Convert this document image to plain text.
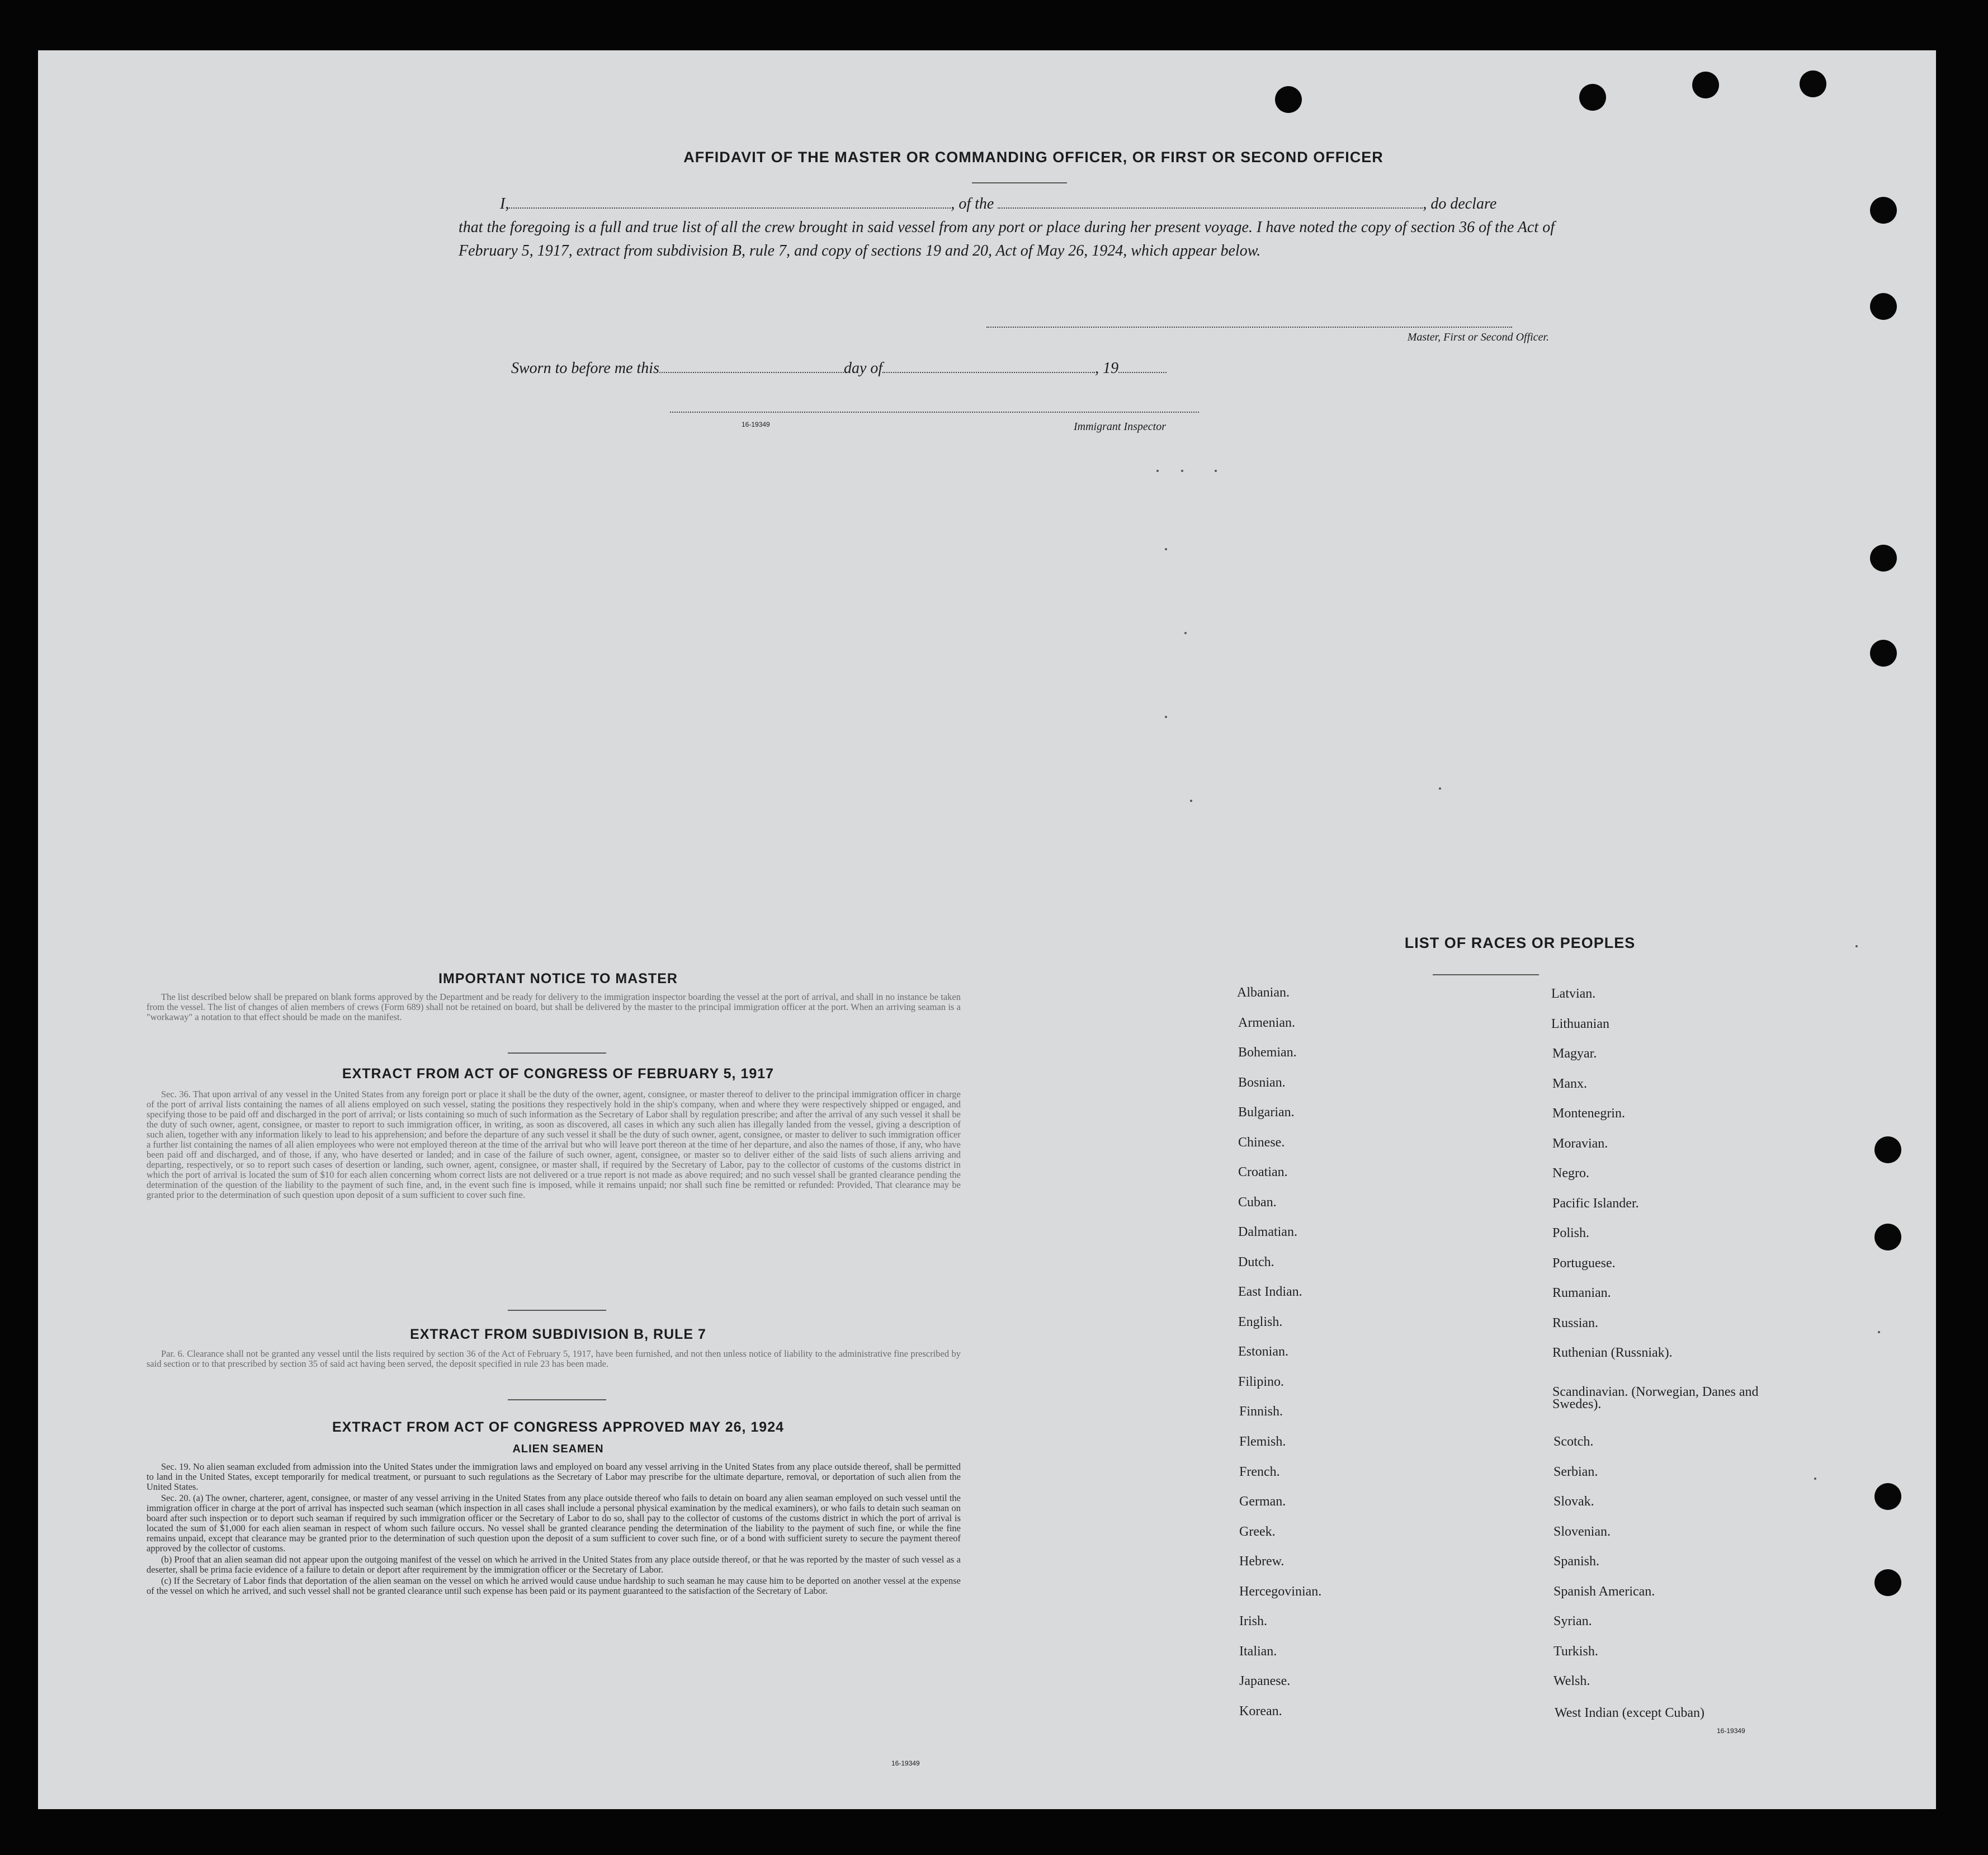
AFFIDAVIT OF THE MASTER OR COMMANDING OFFICER, OR FIRST OR SECOND OFFICER
I,	, of the	, do declare
that the foregoing is a full and true list of all the crew brought in said vessel from any port or place during her present voyage. I have noted the copy of section 36 of the Act of February 5, 1917, extract from subdivision B, rule 7, and copy of sections 19 and 20, Act of May 26, 1924, which appear below.
Master, First or Second Officer.
Sworn to before me this	day of	, 19
16-19349	Immigrant Inspector
IMPORTANT NOTICE TO MASTER

The list described below shall be prepared on blank forms approved by the Department and be ready for delivery to the immigration inspector boarding the vessel at the port of arrival, and shall in no instance be taken from the vessel. The list of changes of alien members of crews (Form 689) shall not be retained on board, but shall be delivered by the master to the principal immigration officer at the port. When an arriving seaman is a "workaway" a notation to that effect should be made on the manifest.

EXTRACT FROM ACT OF CONGRESS OF FEBRUARY 5, 1917

Sec. 36. That upon arrival of any vessel in the United States from any foreign port or place it shall be the duty of the owner, agent, consignee, or master thereof to deliver to the principal immigration officer in charge of the port of arrival lists containing the names of all aliens employed on such vessel, stating the positions they respectively hold in the ship's company, when and where they were respectively shipped or engaged, and specifying those to be paid off and discharged in the port of arrival; or lists containing so much of such information as the Secretary of Labor shall by regulation prescribe; and after the arrival of any such vessel it shall be the duty of such owner, agent, consignee, or master to report to such immigration officer, in writing, as soon as discovered, all cases in which any such alien has illegally landed from the vessel, giving a description of such alien, together with any information likely to lead to his apprehension; and before the departure of any such vessel it shall be the duty of such owner, agent, consignee, or master to deliver to such immigration officer a further list containing the names of all alien employees who were not employed thereon at the time of the arrival but who will leave port thereon at the time of her departure, and also the names of those, if any, who have been paid off and discharged, and of those, if any, who have deserted or landed; and in case of the failure of such owner, agent, consignee, or master so to deliver either of the said lists of such aliens arriving and departing, respectively, or so to report such cases of desertion or landing, such owner, agent, consignee, or master shall, if required by the Secretary of Labor, pay to the collector of customs of the customs district in which the port of arrival is located the sum of $10 for each alien concerning whom correct lists are not delivered or a true report is not made as above required; and no such vessel shall be granted clearance pending the determination of the question of the liability to the payment of such fine, and, in the event such fine is imposed, while it remains unpaid; nor shall such fine be remitted or refunded: Provided, That clearance may be granted prior to the determination of such question upon deposit of a sum sufficient to cover such fine.

EXTRACT FROM SUBDIVISION B, RULE 7

Par. 6. Clearance shall not be granted any vessel until the lists required by section 36 of the Act of February 5, 1917, have been furnished, and not then unless notice of liability to the administrative fine prescribed by said section or to that prescribed by section 35 of said act having been served, the deposit specified in rule 23 has been made.

EXTRACT FROM ACT OF CONGRESS APPROVED MAY 26, 1924
ALIEN SEAMEN

Sec. 19. No alien seaman excluded from admission into the United States under the immigration laws and employed on board any vessel arriving in the United States from any place outside thereof, shall be permitted to land in the United States, except temporarily for medical treatment, or pursuant to such regulations as the Secretary of Labor may prescribe for the ultimate departure, removal, or deportation of such alien from the United States.

Sec. 20. (a) The owner, charterer, agent, consignee, or master of any vessel arriving in the United States from any place outside thereof who fails to detain on board any alien seaman employed on such vessel until the immigration officer in charge at the port of arrival has inspected such seaman (which inspection in all cases shall include a personal physical examination by the medical examiners), or who fails to detain such seaman on board after such inspection or to deport such seaman if required by such immigration officer or the Secretary of Labor to do so, shall pay to the collector of customs of the customs district in which the port of arrival is located the sum of $1,000 for each alien seaman in respect of whom such failure occurs. No vessel shall be granted clearance pending the determination of the liability to the payment of such fine, or while the fine remains unpaid, except that clearance may be granted prior to the determination of such question upon the deposit of a sum sufficient to cover such fine, or of a bond with sufficient surety to secure the payment thereof approved by the collector of customs.

(b) Proof that an alien seaman did not appear upon the outgoing manifest of the vessel on which he arrived in the United States from any place outside thereof, or that he was reported by the master of such vessel as a deserter, shall be prima facie evidence of a failure to detain or deport after requirement by the immigration officer or the Secretary of Labor.

(c) If the Secretary of Labor finds that deportation of the alien seaman on the vessel on which he arrived would cause undue hardship to such seaman he may cause him to be deported on another vessel at the expense of the vessel on which he arrived, and such vessel shall not be granted clearance until such expense has been paid or its payment guaranteed to the satisfaction of the Secretary of Labor.

16-19349
LIST OF RACES OR PEOPLES
Albanian.
Armenian.
Bohemian.
Bosnian.
Bulgarian.
Chinese.
Croatian.
Cuban.
Dalmatian.
Dutch.
East Indian.
English.
Estonian.
Filipino.
Finnish.
Flemish.
French.
German.
Greek.
Hebrew.
Hercegovinian.
Irish.
Italian.
Japanese.
Korean.
Latvian.
Lithuanian
Magyar.
Manx.
Montenegrin.
Moravian.
Negro.
Pacific Islander.
Polish.
Portuguese.
Rumanian.
Russian.
Ruthenian (Russniak).
Scandinavian. (Norwegian, Danes and Swedes).
Scotch.
Serbian.
Slovak.
Slovenian.
Spanish.
Spanish American.
Syrian.
Turkish.
Welsh.
West Indian (except Cuban)
16-19349
